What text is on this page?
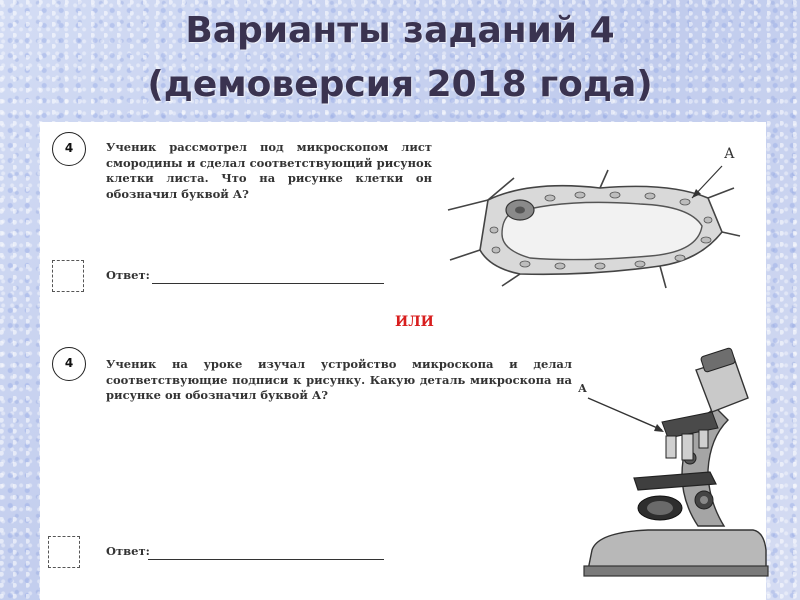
Варианты заданий 4
(демоверсия 2018 года)
4	Ученик рассмотрел под микроскопом лист смородины и сделал соответствующий рисунок клетки листа. Что на рисунке клетки он обозначил буквой А?
Ответ:
А
ИЛИ
4	Ученик на уроке изучал устройство микроскопа и делал соответствующие подписи к рисунку. Какую деталь микроскопа на рисунке он обозначил буквой А?
Ответ:
А
